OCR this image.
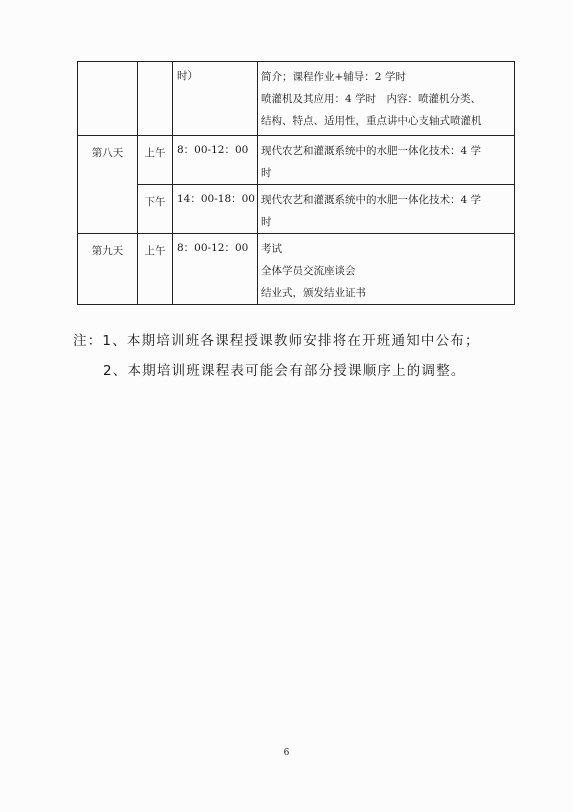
		时）	简介；课程作业+辅导：2 学时
喷灌机及其应用：4 学时　内容：喷灌机分类、
结构、特点、适用性，重点讲中心支轴式喷灌机

第八天	上午	8：00-12：00	现代农艺和灌溉系统中的水肥一体化技术：4 学
时

	下午	14：00-18：00	现代农艺和灌溉系统中的水肥一体化技术：4 学
时

第九天	上午	8：00-12：00	考试
全体学员交流座谈会
结业式，颁发结业证书
注：1、本期培训班各课程授课教师安排将在开班通知中公布；
2、本期培训班课程表可能会有部分授课顺序上的调整。
6
